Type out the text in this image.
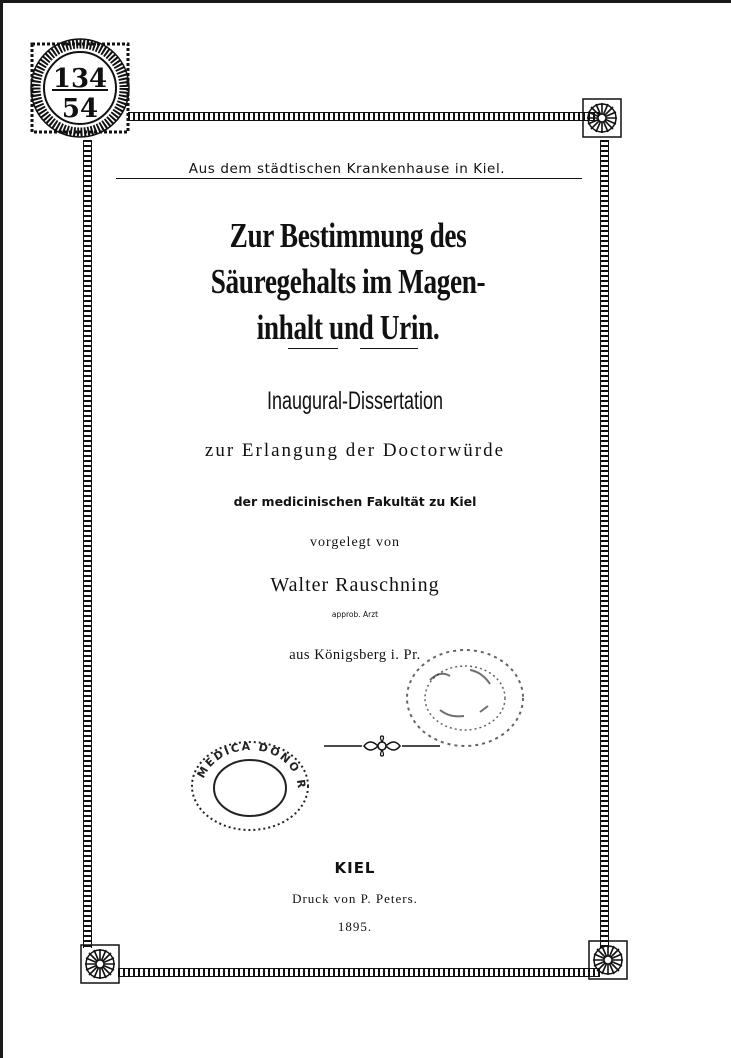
134
54
Aus dem städtischen Krankenhause in Kiel.
Zur Bestimmung des Säuregehalts im Magen-
inhalt und Urin.
Inaugural-Dissertation
zur Erlangung der Doctorwürde
der medicinischen Fakultät zu Kiel
vorgelegt von
Walter Rauschning
approb. Arzt
aus Königsberg i. Pr.
MEDICA DONO R
KIEL
Druck von P. Peters.
1895.
